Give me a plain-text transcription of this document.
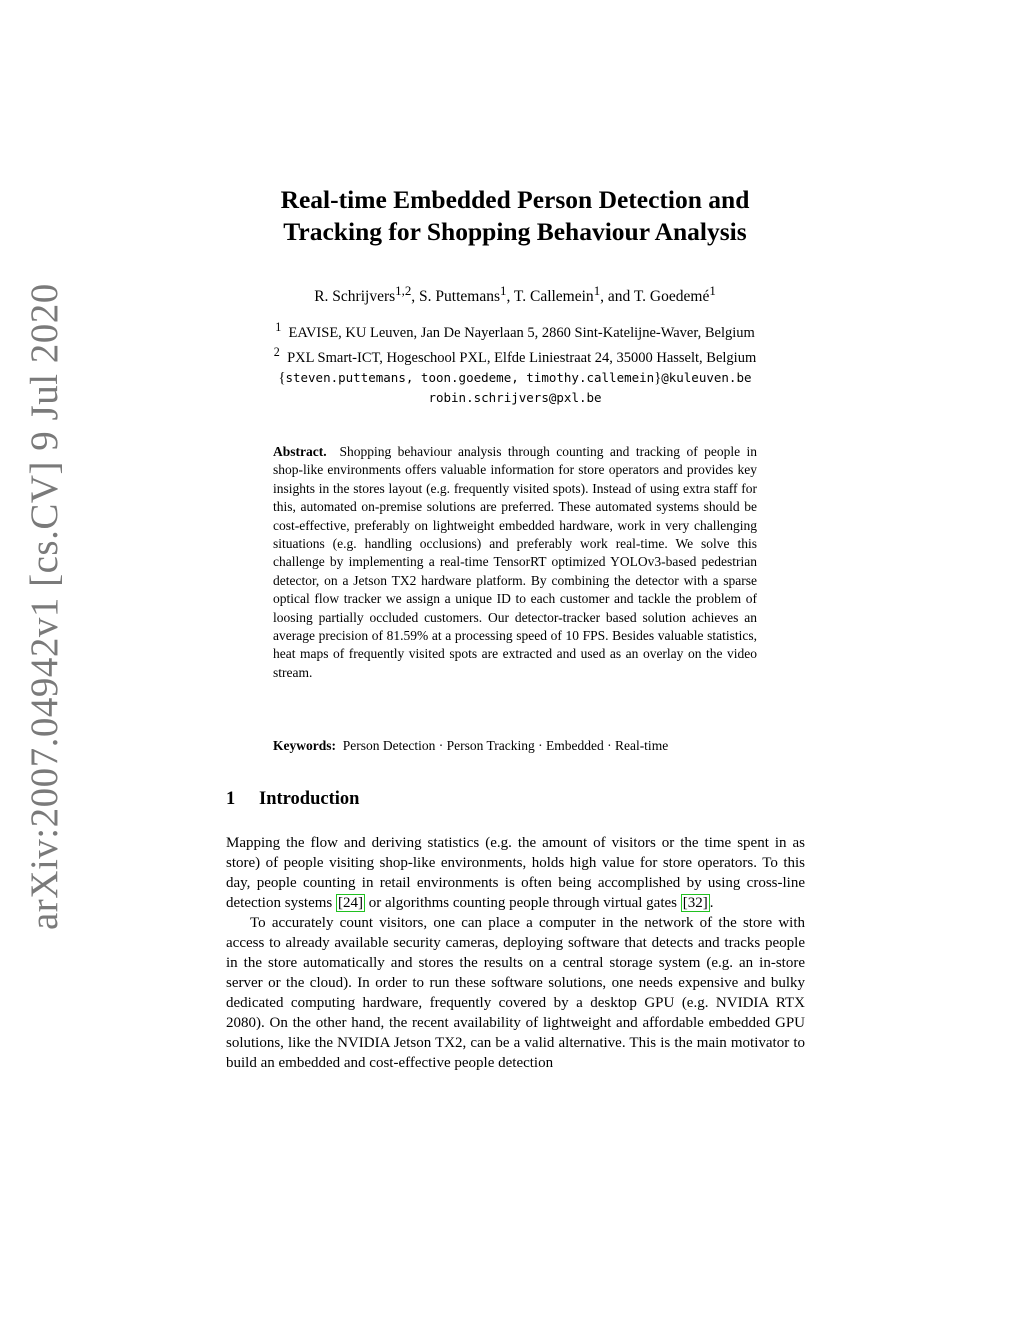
arXiv:2007.04942v1 [cs.CV] 9 Jul 2020
Real-time Embedded Person Detection and
Tracking for Shopping Behaviour Analysis
R. Schrijvers$^{1,2}$, S. Puttemans$^1$, T. Callemein$^1$, and T. Goedemé$^1$
$^1$ EAVISE, KU Leuven, Jan De Nayerlaan 5, 2860 Sint-Katelijne-Waver, Belgium
$^2$ PXL Smart-ICT, Hogeschool PXL, Elfde Liniestraat 24, 35000 Hasselt, Belgium
{steven.puttemans, toon.goedeme, timothy.callemein}@kuleuven.be
robin.schrijvers@pxl.be
Abstract. Shopping behaviour analysis through counting and tracking of people in shop-like environments offers valuable information for store operators and provides key insights in the stores layout (e.g. frequently visited spots). Instead of using extra staff for this, automated on-premise solutions are preferred. These automated systems should be cost-effective, preferably on lightweight embedded hardware, work in very challenging situations (e.g. handling occlusions) and preferably work real-time. We solve this challenge by implementing a real-time TensorRT optimized YOLOv3-based pedestrian detector, on a Jetson TX2 hardware platform. By combining the detector with a sparse optical flow tracker we assign a unique ID to each customer and tackle the problem of loosing partially occluded customers. Our detector-tracker based solution achieves an average precision of 81.59% at a processing speed of 10 FPS. Besides valuable statistics, heat maps of frequently visited spots are extracted and used as an overlay on the video stream.
Keywords: Person Detection · Person Tracking · Embedded · Real-time
1 Introduction

Mapping the flow and deriving statistics (e.g. the amount of visitors or the time spent in as store) of people visiting shop-like environments, holds high value for store operators. To this day, people counting in retail environments is often being accomplished by using cross-line detection systems [24] or algorithms counting people through virtual gates [32] .

To accurately count visitors, one can place a computer in the network of the store with access to already available security cameras, deploying software that detects and tracks people in the store automatically and stores the results on a central storage system (e.g. an in-store server or the cloud). In order to run these software solutions, one needs expensive and bulky dedicated computing hardware, frequently covered by a desktop GPU (e.g. NVIDIA RTX 2080). On the other hand, the recent availability of lightweight and affordable embedded GPU solutions, like the NVIDIA Jetson TX2, can be a valid alternative. This is the main motivator to build an embedded and cost-effective people detection
